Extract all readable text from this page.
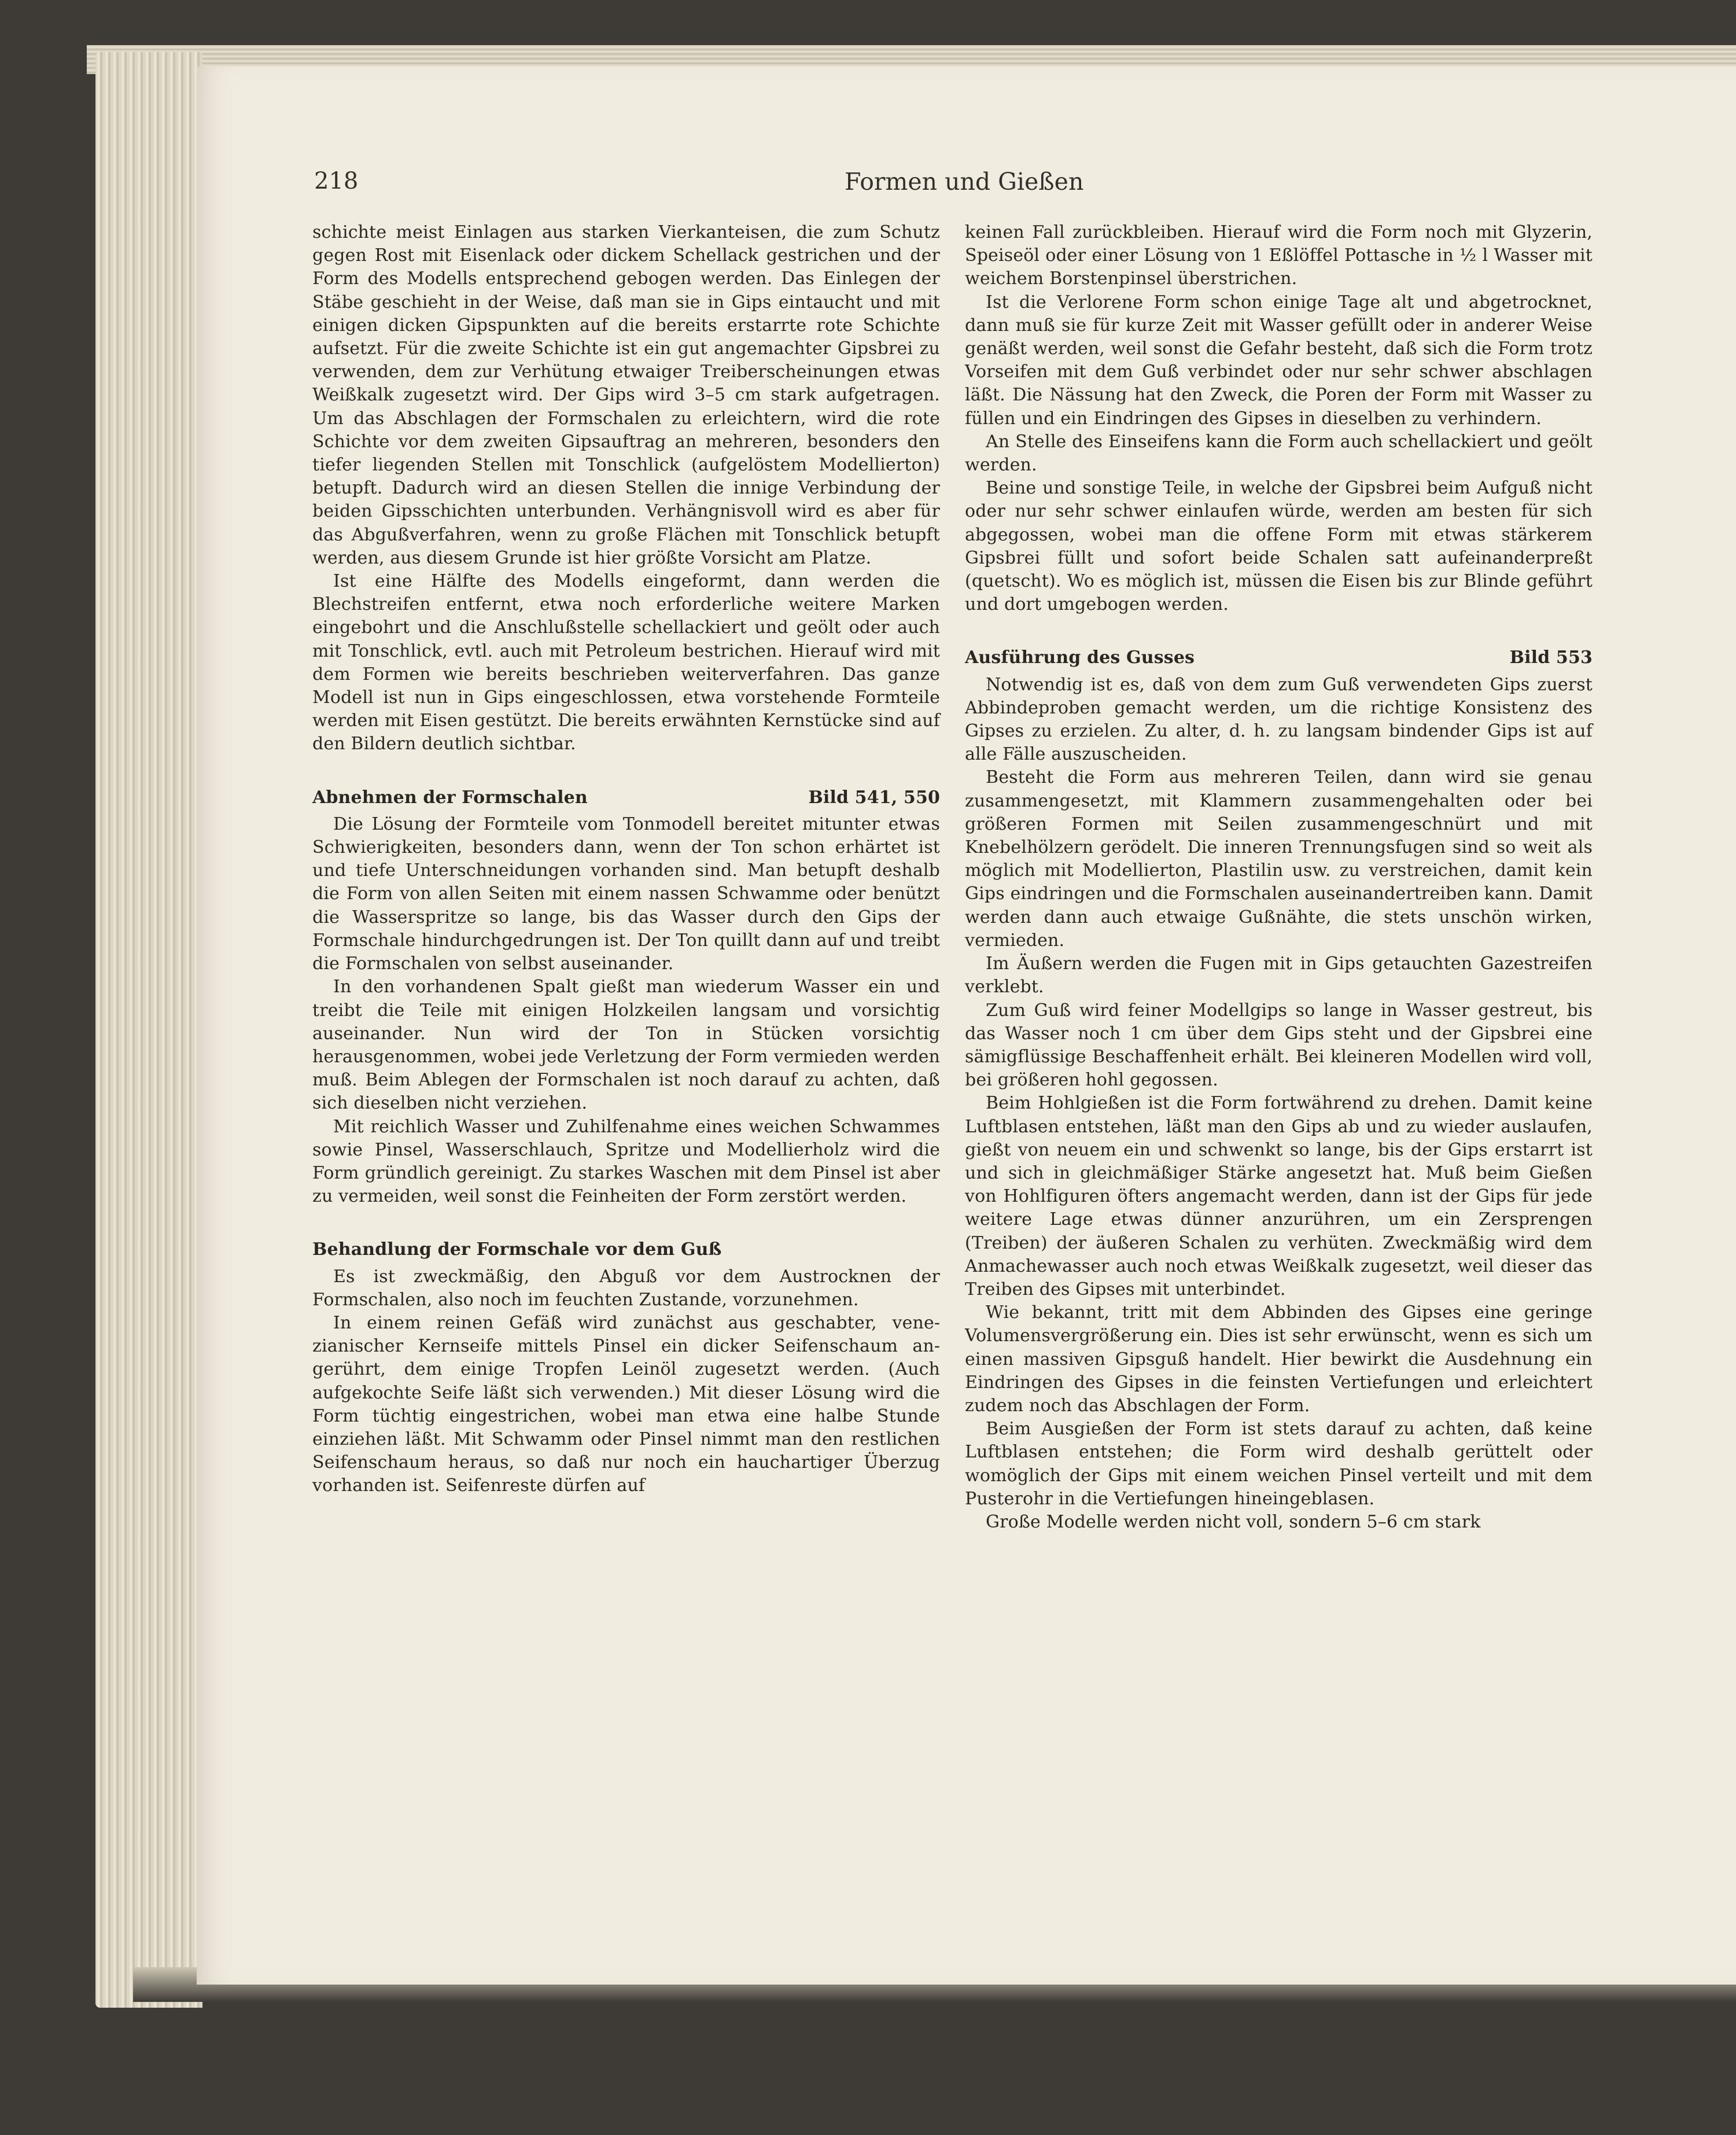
218	Formen und Gießen

schichte meist Einlagen aus starken Vierkanteisen, die zum Schutz gegen Rost mit Eisenlack oder dickem Schellack gestrichen und der Form des Modells entsprechend gebogen werden. Das Einlegen der Stäbe geschieht in der Weise, daß man sie in Gips eintaucht und mit einigen dicken Gipspunkten auf die bereits erstarrte rote Schichte aufsetzt. Für die zweite Schichte ist ein gut angemachter Gipsbrei zu verwenden, dem zur Verhütung etwaiger Treiberscheinungen etwas Weißkalk zugesetzt wird. Der Gips wird 3–5 cm stark aufgetragen. Um das Abschlagen der Formschalen zu erleichtern, wird die rote Schichte vor dem zweiten Gipsauftrag an mehreren, besonders den tiefer liegenden Stellen mit Tonschlick (aufgelöstem Modellierton) betupft. Dadurch wird an diesen Stellen die innige Verbindung der beiden Gipsschichten unterbunden. Verhängnisvoll wird es aber für das Abgußverfahren, wenn zu große Flächen mit Tonschlick betupft werden, aus diesem Grunde ist hier größte Vorsicht am Platze.

Ist eine Hälfte des Modells eingeformt, dann werden die Blechstreifen entfernt, etwa noch erforderliche weitere Marken eingebohrt und die Anschlußstelle schellackiert und geölt oder auch mit Tonschlick, evtl. auch mit Petroleum bestrichen. Hierauf wird mit dem Formen wie bereits beschrieben weiterverfahren. Das ganze Modell ist nun in Gips eingeschlossen, etwa vorstehende Formteile werden mit Eisen gestützt. Die bereits erwähnten Kernstücke sind auf den Bildern deutlich sichtbar.

Abnehmen der Formschalen	Bild 541, 550

Die Lösung der Formteile vom Tonmodell bereitet mitunter etwas Schwierigkeiten, besonders dann, wenn der Ton schon erhärtet ist und tiefe Unterschneidungen vorhanden sind. Man betupft deshalb die Form von allen Seiten mit einem nassen Schwamme oder benützt die Wasserspritze so lange, bis das Wasser durch den Gips der Formschale hindurchgedrungen ist. Der Ton quillt dann auf und treibt die Formschalen von selbst auseinander.

In den vorhandenen Spalt gießt man wiederum Wasser ein und treibt die Teile mit einigen Holzkeilen langsam und vorsichtig auseinander. Nun wird der Ton in Stücken vorsichtig herausgenommen, wobei jede Verletzung der Form vermieden werden muß. Beim Ablegen der Formschalen ist noch darauf zu achten, daß sich dieselben nicht verziehen.

Mit reichlich Wasser und Zuhilfenahme eines weichen Schwammes sowie Pinsel, Wasserschlauch, Spritze und Modellierholz wird die Form gründlich gereinigt. Zu starkes Waschen mit dem Pinsel ist aber zu vermeiden, weil sonst die Feinheiten der Form zerstört werden.

Behandlung der Formschale vor dem Guß

Es ist zweckmäßig, den Abguß vor dem Austrocknen der Formschalen, also noch im feuchten Zustande, vorzunehmen.

In einem reinen Gefäß wird zunächst aus geschabter, venezianischer Kernseife mittels Pinsel ein dicker Seifenschaum angerührt, dem einige Tropfen Leinöl zugesetzt werden. (Auch aufgekochte Seife läßt sich verwenden.) Mit dieser Lösung wird die Form tüchtig eingestrichen, wobei man etwa eine halbe Stunde einziehen läßt. Mit Schwamm oder Pinsel nimmt man den restlichen Seifenschaum heraus, so daß nur noch ein hauchartiger Überzug vorhanden ist. Seifenreste dürfen auf

keinen Fall zurückbleiben. Hierauf wird die Form noch mit Glyzerin, Speiseöl oder einer Lösung von 1 Eßlöffel Pottasche in ½ l Wasser mit weichem Borstenpinsel überstrichen.

Ist die Verlorene Form schon einige Tage alt und abgetrocknet, dann muß sie für kurze Zeit mit Wasser gefüllt oder in anderer Weise genäßt werden, weil sonst die Gefahr besteht, daß sich die Form trotz Vorseifen mit dem Guß verbindet oder nur sehr schwer abschlagen läßt. Die Nässung hat den Zweck, die Poren der Form mit Wasser zu füllen und ein Eindringen des Gipses in dieselben zu verhindern.

An Stelle des Einseifens kann die Form auch schellackiert und geölt werden.

Beine und sonstige Teile, in welche der Gipsbrei beim Aufguß nicht oder nur sehr schwer einlaufen würde, werden am besten für sich abgegossen, wobei man die offene Form mit etwas stärkerem Gipsbrei füllt und sofort beide Schalen satt aufeinanderpreßt (quetscht). Wo es möglich ist, müssen die Eisen bis zur Blinde geführt und dort umgebogen werden.

Ausführung des Gusses	Bild 553

Notwendig ist es, daß von dem zum Guß verwendeten Gips zuerst Abbindeproben gemacht werden, um die richtige Konsistenz des Gipses zu erzielen. Zu alter, d. h. zu langsam bindender Gips ist auf alle Fälle auszuscheiden.

Besteht die Form aus mehreren Teilen, dann wird sie genau zusammengesetzt, mit Klammern zusammengehalten oder bei größeren Formen mit Seilen zusammengeschnürt und mit Knebelhölzern gerödelt. Die inneren Trennungsfugen sind so weit als möglich mit Modellierton, Plastilin usw. zu verstreichen, damit kein Gips eindringen und die Formschalen auseinandertreiben kann. Damit werden dann auch etwaige Gußnähte, die stets unschön wirken, vermieden.

Im Äußern werden die Fugen mit in Gips getauchten Gazestreifen verklebt.

Zum Guß wird feiner Modellgips so lange in Wasser gestreut, bis das Wasser noch 1 cm über dem Gips steht und der Gipsbrei eine sämigflüssige Beschaffenheit erhält. Bei kleineren Modellen wird voll, bei größeren hohl gegossen.

Beim Hohlgießen ist die Form fortwährend zu drehen. Damit keine Luftblasen entstehen, läßt man den Gips ab und zu wieder auslaufen, gießt von neuem ein und schwenkt so lange, bis der Gips erstarrt ist und sich in gleichmäßiger Stärke angesetzt hat. Muß beim Gießen von Hohlfiguren öfters angemacht werden, dann ist der Gips für jede weitere Lage etwas dünner anzurühren, um ein Zersprengen (Treiben) der äußeren Schalen zu verhüten. Zweckmäßig wird dem Anmachewasser auch noch etwas Weißkalk zugesetzt, weil dieser das Treiben des Gipses mit unterbindet.

Wie bekannt, tritt mit dem Abbinden des Gipses eine geringe Volumensvergrößerung ein. Dies ist sehr erwünscht, wenn es sich um einen massiven Gipsguß handelt. Hier bewirkt die Ausdehnung ein Eindringen des Gipses in die feinsten Vertiefungen und erleichtert zudem noch das Abschlagen der Form.

Beim Ausgießen der Form ist stets darauf zu achten, daß keine Luftblasen entstehen; die Form wird deshalb gerüttelt oder womöglich der Gips mit einem weichen Pinsel verteilt und mit dem Pusterohr in die Vertiefungen hineingeblasen.

Große Modelle werden nicht voll, sondern 5–6 cm stark
